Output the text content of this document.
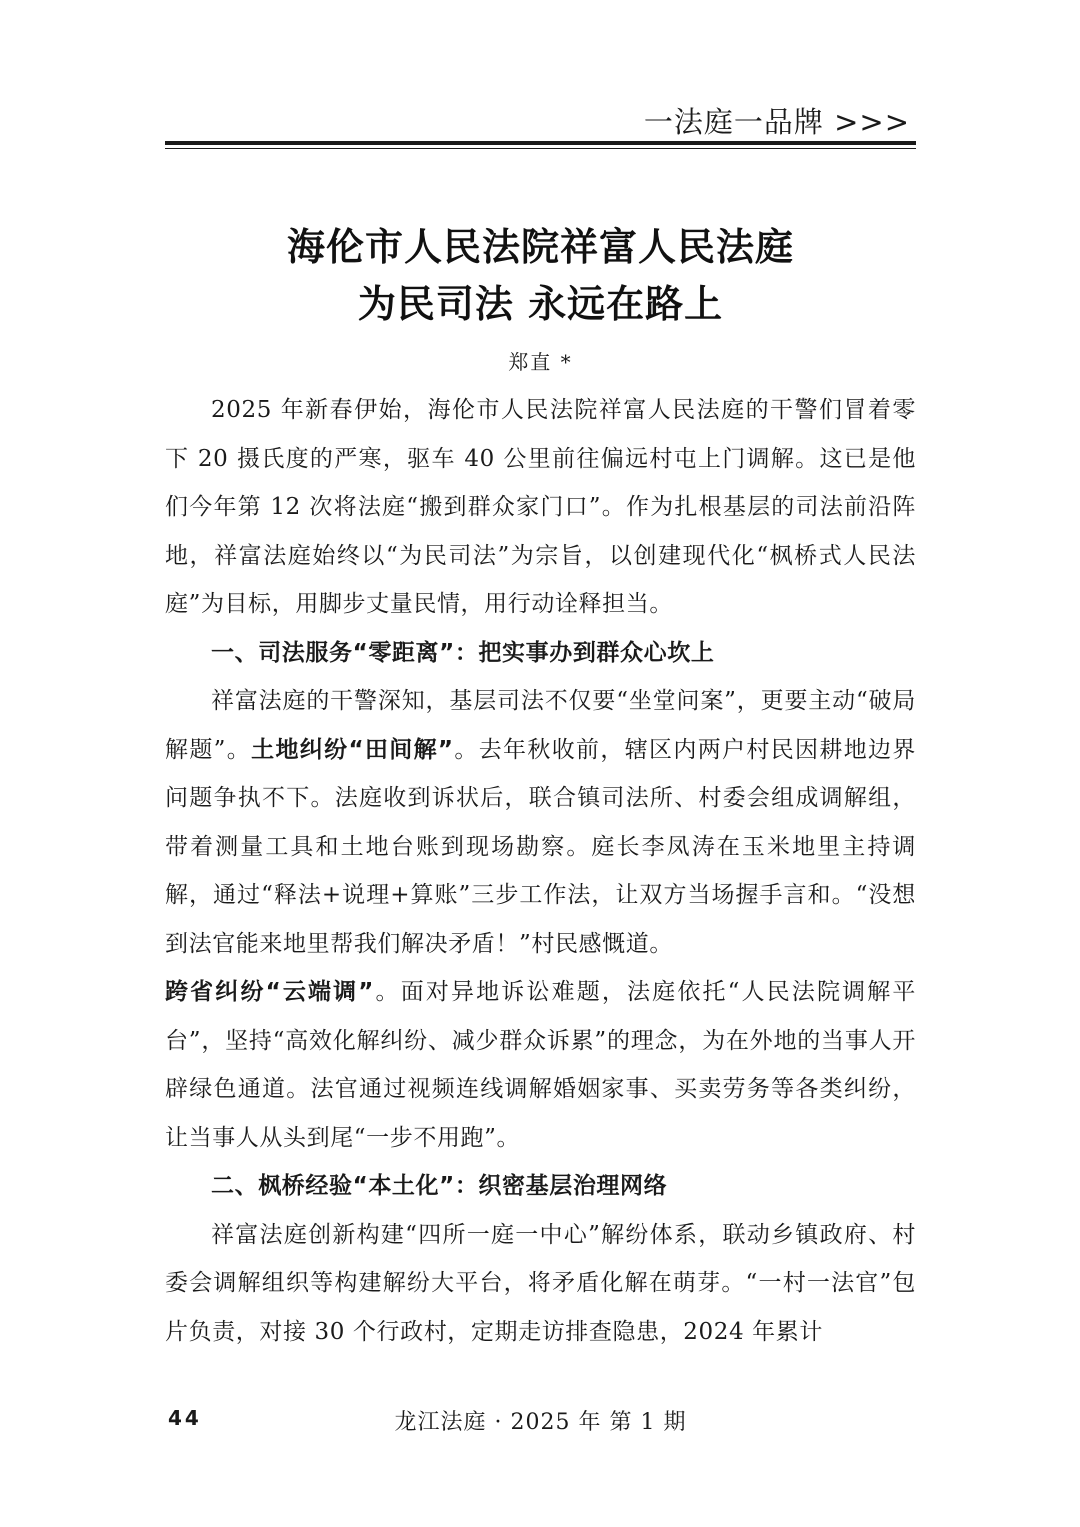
一法庭一品牌 >>>
海伦市人民法院祥富人民法庭
为民司法 永远在路上
郑直 *

2025 年新春伊始，海伦市人民法院祥富人民法庭的干警们冒着零下 20 摄氏度的严寒，驱车 40 公里前往偏远村屯上门调解。这已是他们今年第 12 次将法庭“搬到群众家门口”。作为扎根基层的司法前沿阵地，祥富法庭始终以“为民司法”为宗旨，以创建现代化“枫桥式人民法庭”为目标，用脚步丈量民情，用行动诠释担当。

一、司法服务“零距离”：把实事办到群众心坎上

祥富法庭的干警深知，基层司法不仅要“坐堂问案”，更要主动“破局解题”。土地纠纷“田间解”。去年秋收前，辖区内两户村民因耕地边界问题争执不下。法庭收到诉状后，联合镇司法所、村委会组成调解组，带着测量工具和土地台账到现场勘察。庭长李凤涛在玉米地里主持调解，通过“释法+说理+算账”三步工作法，让双方当场握手言和。“没想到法官能来地里帮我们解决矛盾！”村民感慨道。

跨省纠纷“云端调”。面对异地诉讼难题，法庭依托“人民法院调解平台”，坚持“高效化解纠纷、减少群众诉累”的理念，为在外地的当事人开辟绿色通道。法官通过视频连线调解婚姻家事、买卖劳务等各类纠纷，让当事人从头到尾“一步不用跑”。

二、枫桥经验“本土化”：织密基层治理网络

祥富法庭创新构建“四所一庭一中心”解纷体系，联动乡镇政府、村委会调解组织等构建解纷大平台，将矛盾化解在萌芽。“一村一法官”包片负责，对接 30 个行政村，定期走访排查隐患，2024 年累计

44	龙江法庭 · 2025 年 第 1 期
